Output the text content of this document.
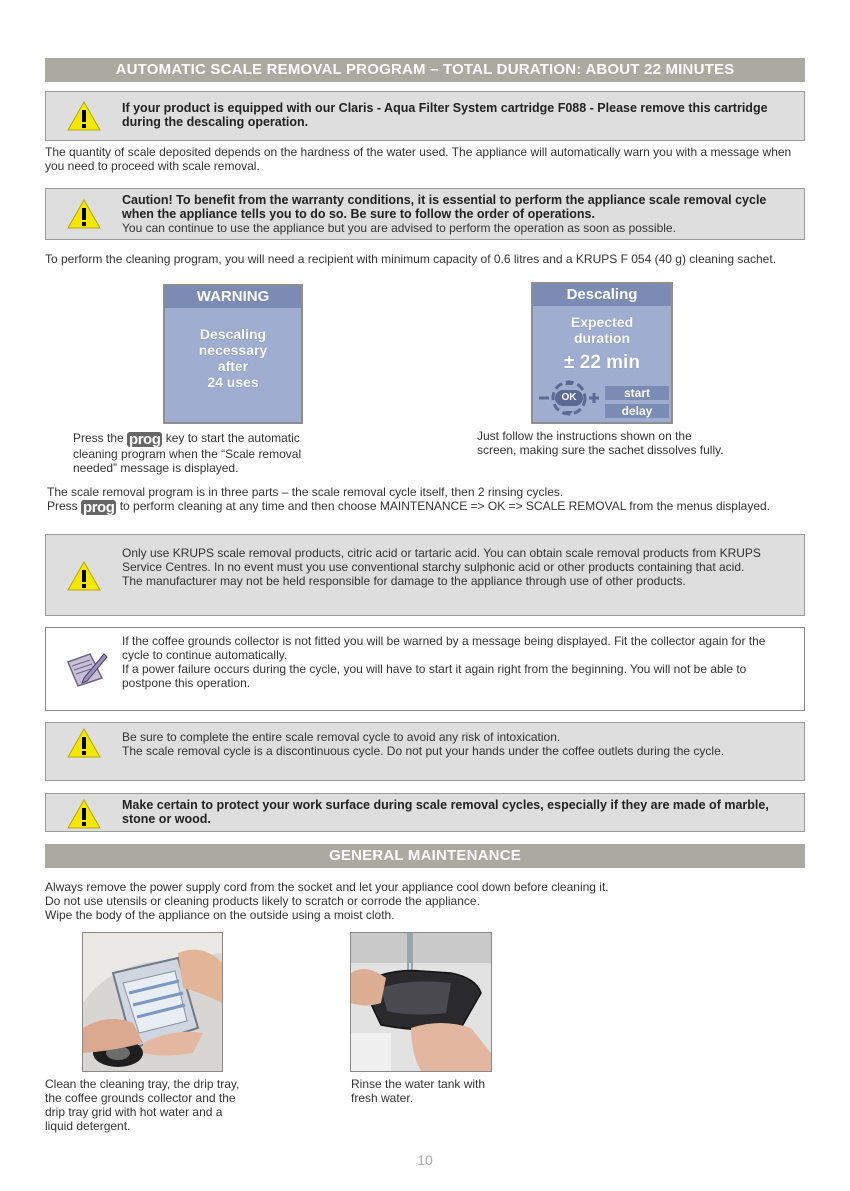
AUTOMATIC SCALE REMOVAL PROGRAM – TOTAL DURATION: ABOUT 22 MINUTES
If your product is equipped with our Claris - Aqua Filter System cartridge F088 - Please remove this cartridge during the descaling operation.
The quantity of scale deposited depends on the hardness of the water used. The appliance will automatically warn you with a message when you need to proceed with scale removal.
Caution! To benefit from the warranty conditions, it is essential to perform the appliance scale removal cycle when the appliance tells you to do so. Be sure to follow the order of operations.
You can continue to use the appliance but you are advised to perform the operation as soon as possible.
To perform the cleaning program, you will need a recipient with minimum capacity of 0.6 litres and a KRUPS F 054 (40 g) cleaning sachet.
WARNING
Descaling
necessary
after
24 uses
Descaling
Expected
duration
± 22 min
OK	start
delay
Press the prog key to start the automatic cleaning program when the “Scale removal needed” message is displayed.
Just follow the instructions shown on the screen, making sure the sachet dissolves fully.
The scale removal program is in three parts – the scale removal cycle itself, then 2 rinsing cycles.
Press prog to perform cleaning at any time and then choose MAINTENANCE => OK => SCALE REMOVAL from the menus displayed.
Only use KRUPS scale removal products, citric acid or tartaric acid. You can obtain scale removal products from KRUPS Service Centres. In no event must you use conventional starchy sulphonic acid or other products containing that acid.
The manufacturer may not be held responsible for damage to the appliance through use of other products.
If the coffee grounds collector is not fitted you will be warned by a message being displayed. Fit the collector again for the cycle to continue automatically.
If a power failure occurs during the cycle, you will have to start it again right from the beginning. You will not be able to postpone this operation.
Be sure to complete the entire scale removal cycle to avoid any risk of intoxication.
The scale removal cycle is a discontinuous cycle. Do not put your hands under the coffee outlets during the cycle.
Make certain to protect your work surface during scale removal cycles, especially if they are made of marble, stone or wood.
GENERAL MAINTENANCE
Always remove the power supply cord from the socket and let your appliance cool down before cleaning it.
Do not use utensils or cleaning products likely to scratch or corrode the appliance.
Wipe the body of the appliance on the outside using a moist cloth.
Clean the cleaning tray, the drip tray, the coffee grounds collector and the drip tray grid with hot water and a liquid detergent.
Rinse the water tank with fresh water.
10
